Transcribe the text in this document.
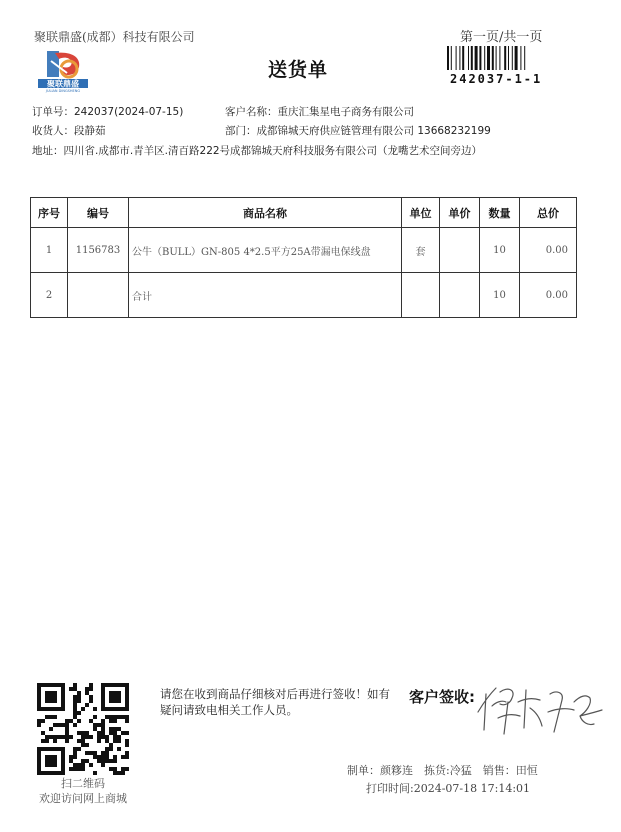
聚联鼎盛(成都）科技有限公司	第一页/共一页
聚联鼎盛
JULIAN DINGSHENG
送货单	242037-1-1
订单号：242037(2024-07-15)	客户名称：重庆汇集星电子商务有限公司
收货人：段静茹	部门：成都锦城天府供应链管理有限公司 13668232199
地址：四川省.成都市.青羊区.清百路222号成都锦城天府科技服务有限公司（龙嘴艺术空间旁边）
序号	编号	商品名称	单位	单价	数量	总价
1	1156783	公牛（BULL）GN-805 4*2.5平方25A带漏电保线盘	套		10	0.00
2		合计			10	0.00
扫二维码
欢迎访问网上商城
请您在收到商品仔细核对后再进行签收！如有疑问请致电相关工作人员。
客户签收:
制单：颜簃连　拣货:冷猛　销售：田恒
打印时间:2024-07-18 17:14:01
